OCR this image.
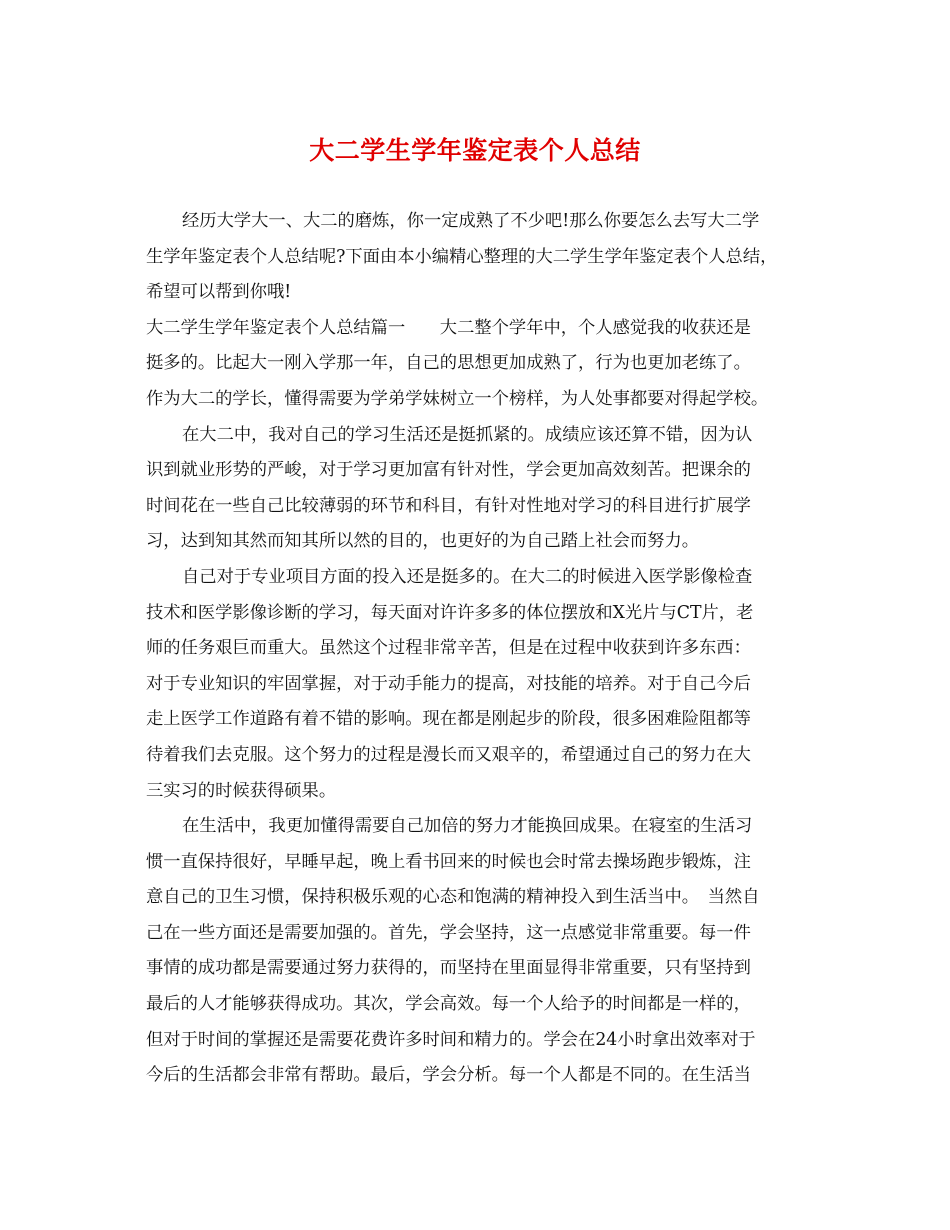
大二学生学年鉴定表个人总结
经历大学大一、大二的磨炼，你一定成熟了不少吧!那么你要怎么去写大二学
生学年鉴定表个人总结呢?下面由本小编精心整理的大二学生学年鉴定表个人总结，
希望可以帮到你哦!
大二学生学年鉴定表个人总结篇一　　大二整个学年中，个人感觉我的收获还是
挺多的。比起大一刚入学那一年，自己的思想更加成熟了，行为也更加老练了。
作为大二的学长，懂得需要为学弟学妹树立一个榜样，为人处事都要对得起学校。
在大二中，我对自己的学习生活还是挺抓紧的。成绩应该还算不错，因为认
识到就业形势的严峻，对于学习更加富有针对性，学会更加高效刻苦。把课余的
时间花在一些自己比较薄弱的环节和科目，有针对性地对学习的科目进行扩展学
习，达到知其然而知其所以然的目的，也更好的为自己踏上社会而努力。
自己对于专业项目方面的投入还是挺多的。在大二的时候进入医学影像检查
技术和医学影像诊断的学习，每天面对许许多多的体位摆放和X光片与CT片，老
师的任务艰巨而重大。虽然这个过程非常辛苦，但是在过程中收获到许多东西：
对于专业知识的牢固掌握，对于动手能力的提高，对技能的培养。对于自己今后
走上医学工作道路有着不错的影响。现在都是刚起步的阶段，很多困难险阻都等
待着我们去克服。这个努力的过程是漫长而又艰辛的，希望通过自己的努力在大
三实习的时候获得硕果。
在生活中，我更加懂得需要自己加倍的努力才能换回成果。在寝室的生活习
惯一直保持很好，早睡早起，晚上看书回来的时候也会时常去操场跑步锻炼，注
意自己的卫生习惯，保持积极乐观的心态和饱满的精神投入到生活当中。　当然自
己在一些方面还是需要加强的。首先，学会坚持，这一点感觉非常重要。每一件
事情的成功都是需要通过努力获得的，而坚持在里面显得非常重要，只有坚持到
最后的人才能够获得成功。其次，学会高效。每一个人给予的时间都是一样的，
但对于时间的掌握还是需要花费许多时间和精力的。学会在24小时拿出效率对于
今后的生活都会非常有帮助。最后，学会分析。每一个人都是不同的。在生活当
